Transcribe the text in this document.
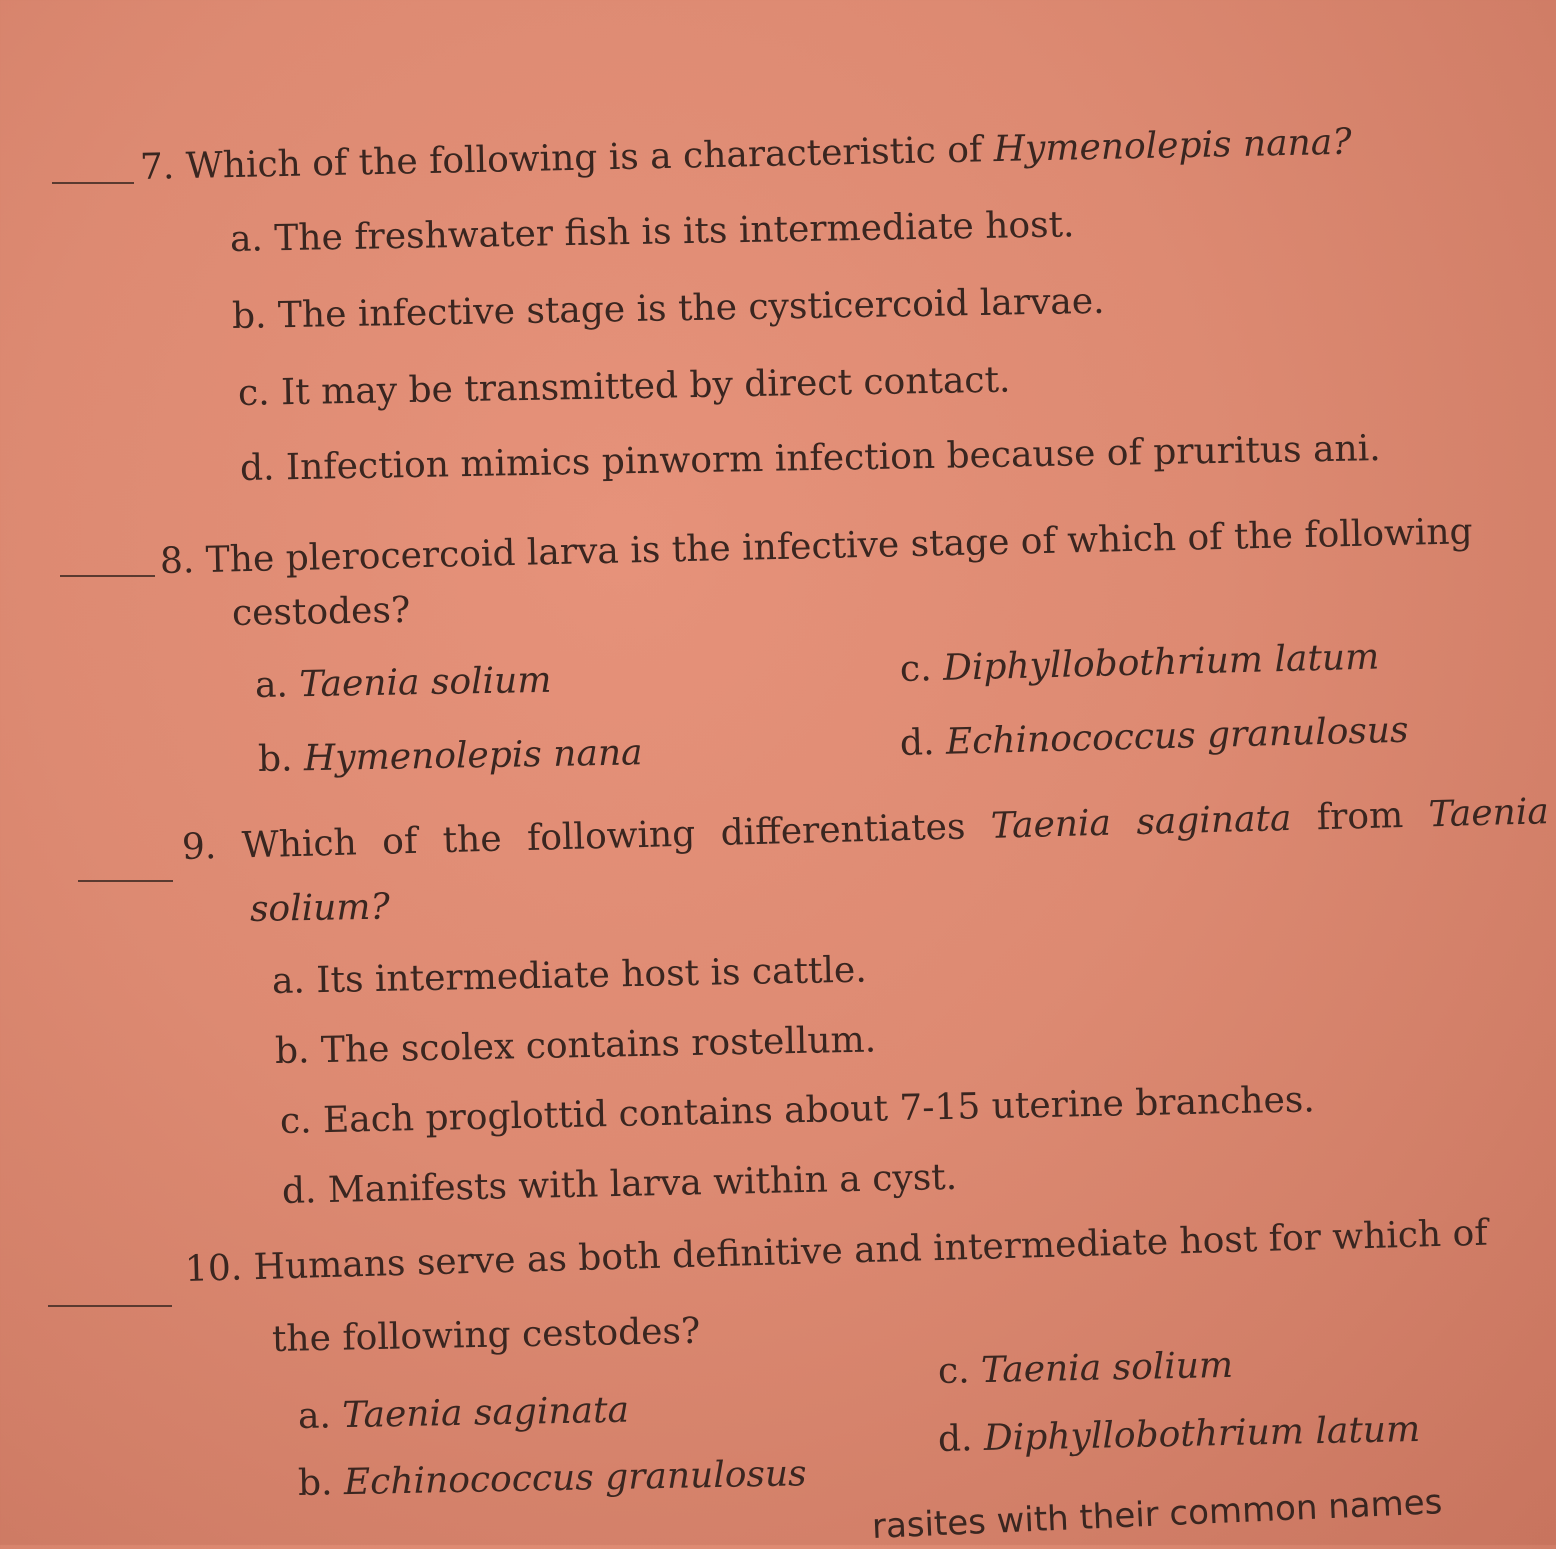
7. Which of the following is a characteristic of Hymenolepis nana?
a. The freshwater fish is its intermediate host.
b. The infective stage is the cysticercoid larvae.
c. It may be transmitted by direct contact.
d. Infection mimics pinworm infection because of pruritus ani.
8. The plerocercoid larva is the infective stage of which of the following
cestodes?
a. Taenia solium
b. Hymenolepis nana
c. Diphyllobothrium latum
d. Echinococcus granulosus
9. Which of the following differentiates Taenia saginata from Taenia
solium?
a. Its intermediate host is cattle.
b. The scolex contains rostellum.
c. Each proglottid contains about 7-15 uterine branches.
d. Manifests with larva within a cyst.
10. Humans serve as both definitive and intermediate host for which of
the following cestodes?
a. Taenia saginata
b. Echinococcus granulosus
c. Taenia solium
d. Diphyllobothrium latum
rasites with their common names
